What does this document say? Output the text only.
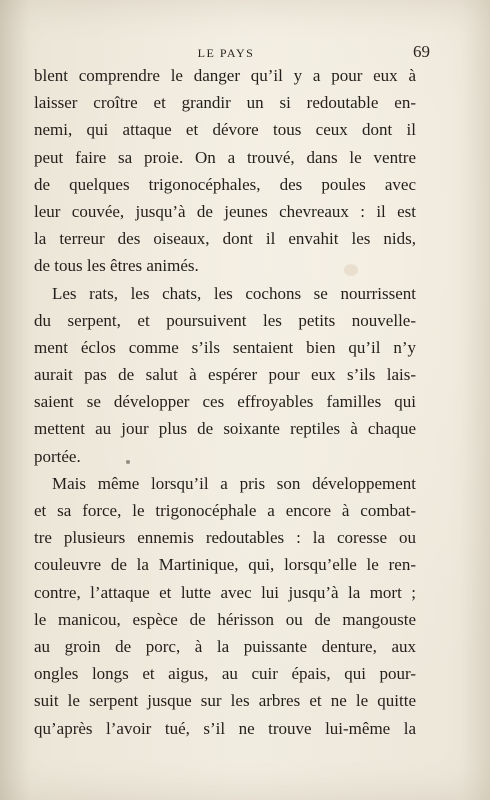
LE PAYS	69
blent comprendre le danger qu’il y a pour eux à
laisser croître et grandir un si redoutable en-
nemi, qui attaque et dévore tous ceux dont il
peut faire sa proie. On a trouvé, dans le ventre
de quelques trigonocéphales, des poules avec
leur couvée, jusqu’à de jeunes chevreaux : il est
la terreur des oiseaux, dont il envahit les nids,
de tous les êtres animés.
Les rats, les chats, les cochons se nourrissent
du serpent, et poursuivent les petits nouvelle-
ment éclos comme s’ils sentaient bien qu’il n’y
aurait pas de salut à espérer pour eux s’ils lais-
saient se développer ces effroyables familles qui
mettent au jour plus de soixante reptiles à chaque
portée.
Mais même lorsqu’il a pris son développement
et sa force, le trigonocéphale a encore à combat-
tre plusieurs ennemis redoutables : la coresse ou
couleuvre de la Martinique, qui, lorsqu’elle le ren-
contre, l’attaque et lutte avec lui jusqu’à la mort ;
le manicou, espèce de hérisson ou de mangouste
au groin de porc, à la puissante denture, aux
ongles longs et aigus, au cuir épais, qui pour-
suit le serpent jusque sur les arbres et ne le quitte
qu’après l’avoir tué, s’il ne trouve lui-même la
